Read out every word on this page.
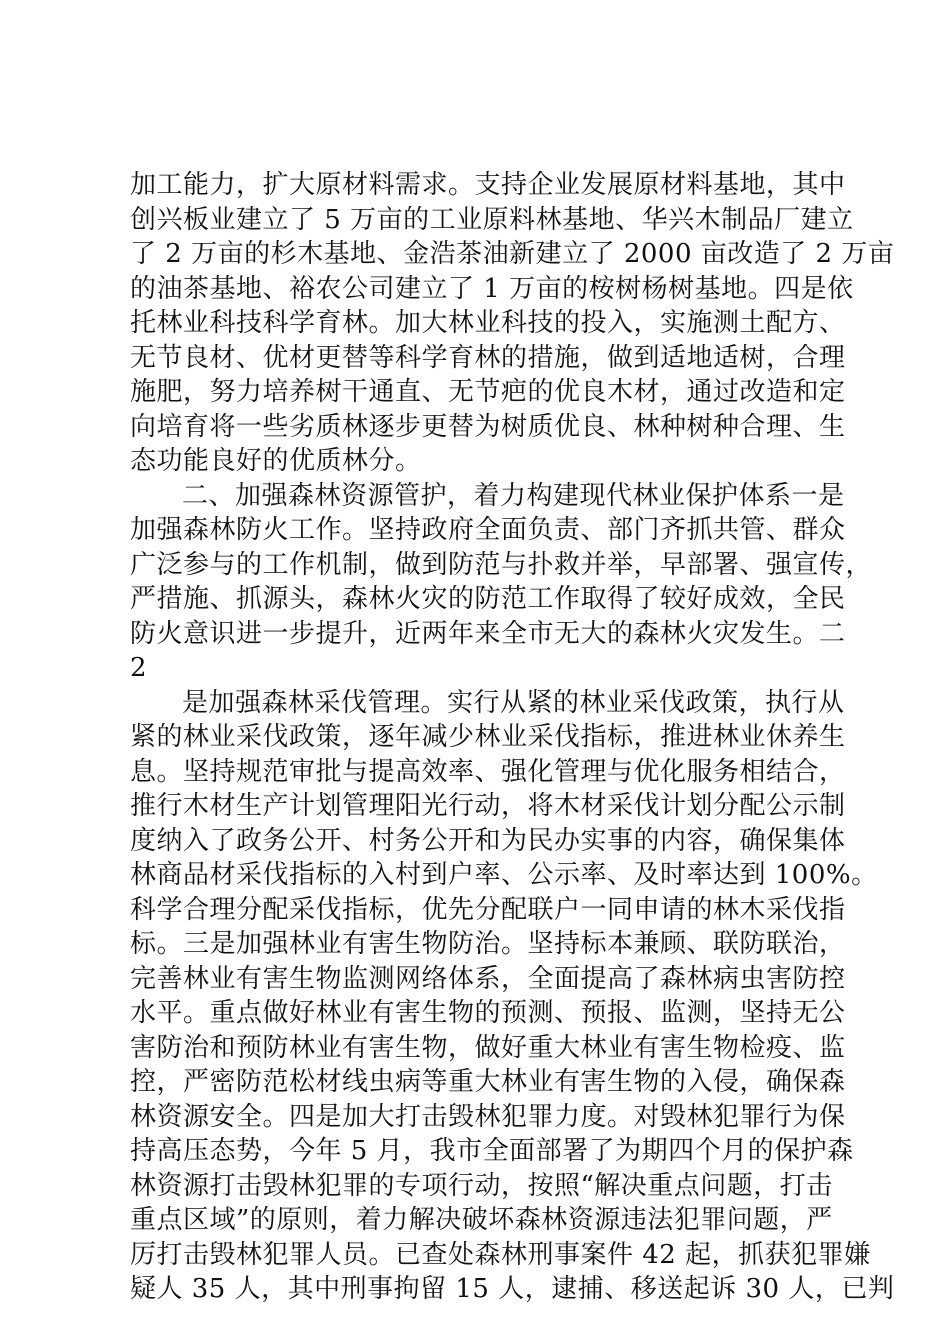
加工能力，扩大原材料需求。支持企业发展原材料基地，其中
创兴板业建立了 5 万亩的工业原料林基地、华兴木制品厂建立
了 2 万亩的杉木基地、金浩茶油新建立了 2000 亩改造了 2 万亩
的油茶基地、裕农公司建立了 1 万亩的桉树杨树基地。四是依
托林业科技科学育林。加大林业科技的投入，实施测土配方、
无节良材、优材更替等科学育林的措施，做到适地适树，合理
施肥，努力培养树干通直、无节疤的优良木材，通过改造和定
向培育将一些劣质林逐步更替为树质优良、林种树种合理、生
态功能良好的优质林分。
二、加强森林资源管护，着力构建现代林业保护体系一是
加强森林防火工作。坚持政府全面负责、部门齐抓共管、群众
广泛参与的工作机制，做到防范与扑救并举，早部署、强宣传，
严措施、抓源头，森林火灾的防范工作取得了较好成效，全民
防火意识进一步提升，近两年来全市无大的森林火灾发生。二
2
是加强森林采伐管理。实行从紧的林业采伐政策，执行从
紧的林业采伐政策，逐年减少林业采伐指标，推进林业休养生
息。坚持规范审批与提高效率、强化管理与优化服务相结合，
推行木材生产计划管理阳光行动，将木材采伐计划分配公示制
度纳入了政务公开、村务公开和为民办实事的内容，确保集体
林商品材采伐指标的入村到户率、公示率、及时率达到 100%。
科学合理分配采伐指标，优先分配联户一同申请的林木采伐指
标。三是加强林业有害生物防治。坚持标本兼顾、联防联治，
完善林业有害生物监测网络体系，全面提高了森林病虫害防控
水平。重点做好林业有害生物的预测、预报、监测，坚持无公
害防治和预防林业有害生物，做好重大林业有害生物检疫、监
控，严密防范松材线虫病等重大林业有害生物的入侵，确保森
林资源安全。四是加大打击毁林犯罪力度。对毁林犯罪行为保
持高压态势，今年 5 月，我市全面部署了为期四个月的保护森
林资源打击毁林犯罪的专项行动，按照“解决重点问题，打击
重点区域”的原则，着力解决破坏森林资源违法犯罪问题，严
厉打击毁林犯罪人员。已查处森林刑事案件 42 起，抓获犯罪嫌
疑人 35 人，其中刑事拘留 15 人，逮捕、移送起诉 30 人，已判
